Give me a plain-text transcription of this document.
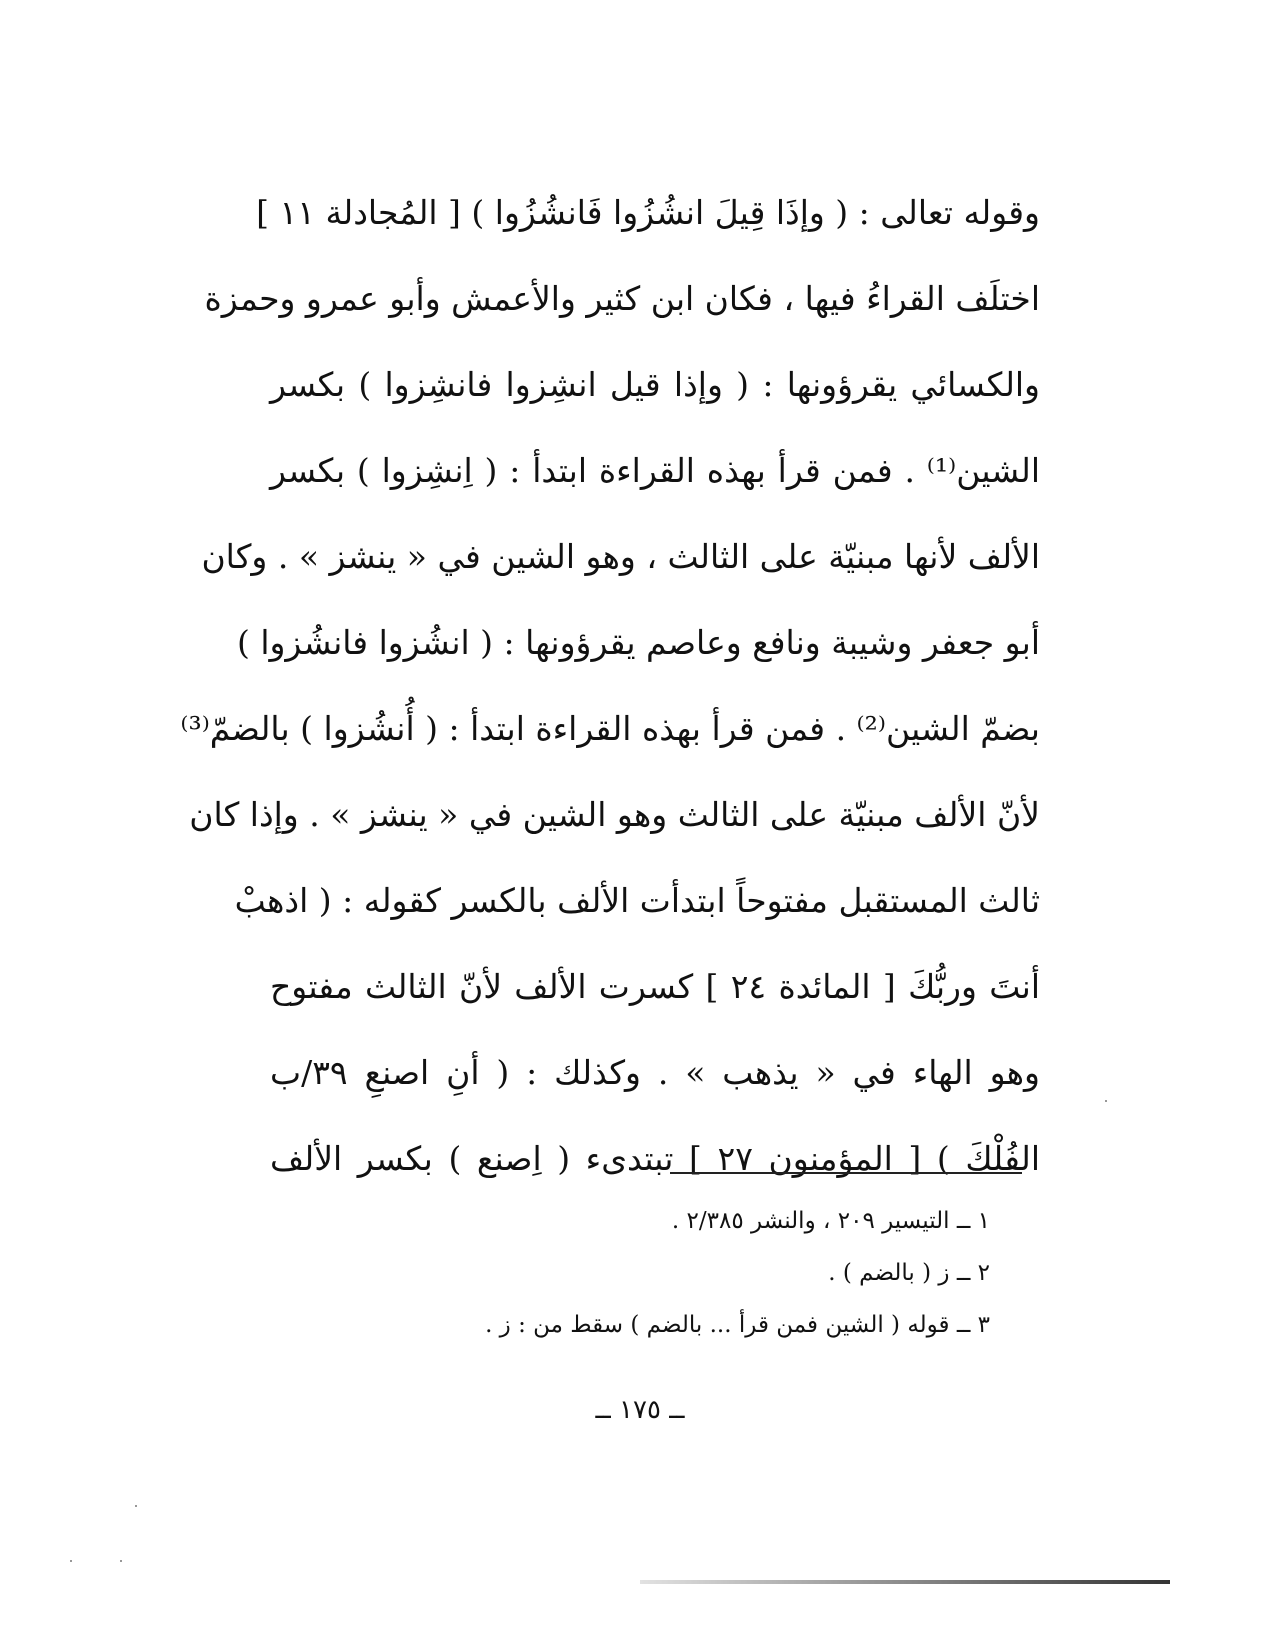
وقوله تعالى : ( وإذَا قِيلَ انشُزُوا فَانشُزُوا ) [ المُجادلة ١١ ]
اختلَف القراءُ فيها ، فكان ابن كثير والأعمش وأبو عمرو وحمزة
والكسائي يقرؤونها : ( وإذا قيل انشِزوا فانشِزوا ) بكسر
الشين⁽¹⁾ . فمن قرأ بهذه القراءة ابتدأ : ( اِنشِزوا ) بكسر
الألف لأنها مبنيّة على الثالث ، وهو الشين في « ينشز » . وكان
أبو جعفر وشيبة ونافع وعاصم يقرؤونها : ( انشُزوا فانشُزوا )
بضمّ الشين⁽²⁾ . فمن قرأ بهذه القراءة ابتدأ : ( أُنشُزوا ) بالضمّ⁽³⁾
لأنّ الألف مبنيّة على الثالث وهو الشين في « ينشز » . وإذا كان
ثالث المستقبل مفتوحاً ابتدأت الألف بالكسر كقوله : ( اذهبْ
أنتَ وربُّكَ [ المائدة ٢٤ ] كسرت الألف لأنّ الثالث مفتوح
وهو الهاء في « يذهب » . وكذلك : ( أنِ اصنعِ ٣٩/ب
الفُلْكَ ) [ المؤمنون ٢٧ ] تبتدىء ( اِصنع ) بكسر الألف
١ ــ التيسير ٢٠٩ ، والنشر ٢/٣٨٥ .
٢ ــ ز ( بالضم ) .
٣ ــ قوله ( الشين فمن قرأ ... بالضم ) سقط من : ز .
ــ ١٧٥ ــ
